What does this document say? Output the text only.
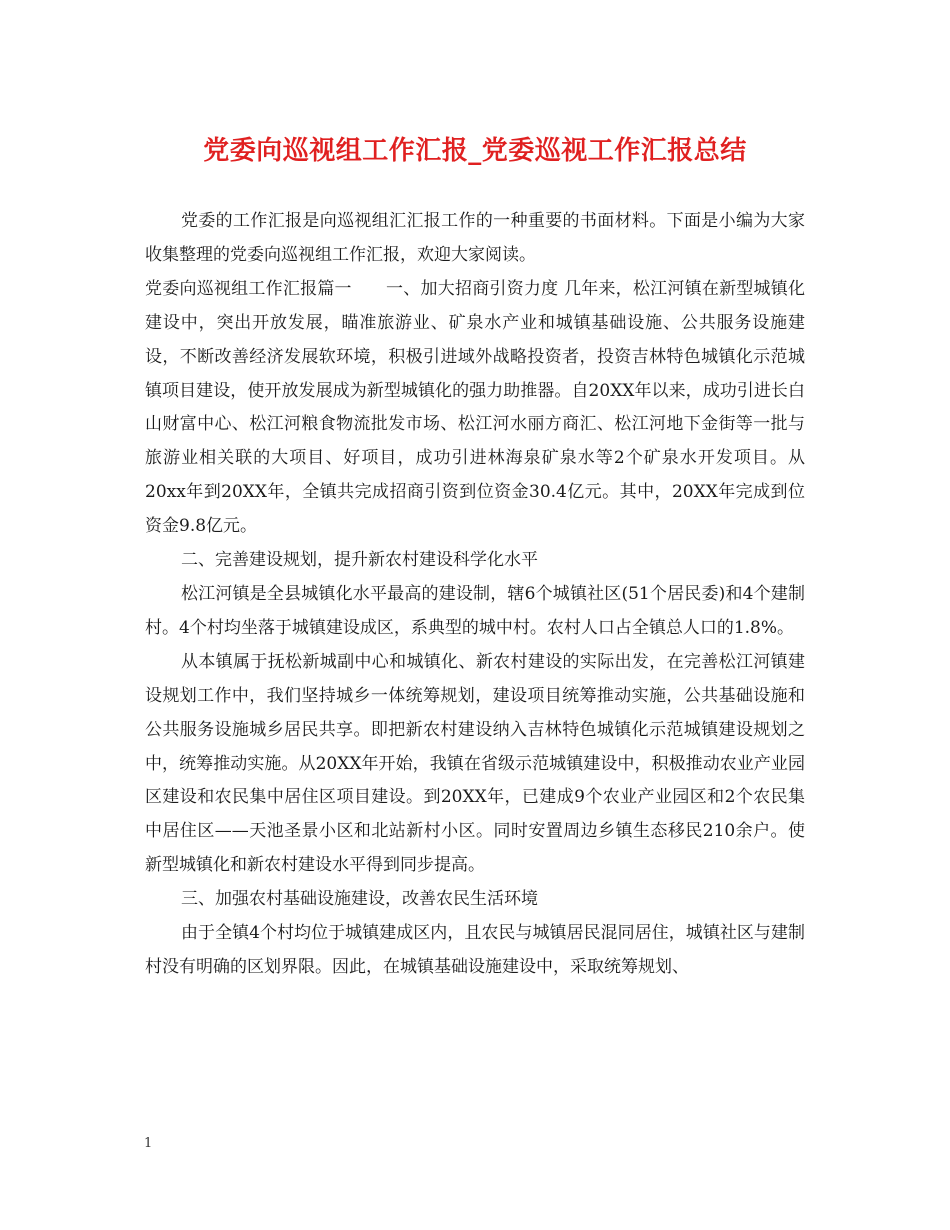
党委向巡视组工作汇报_党委巡视工作汇报总结

党委的工作汇报是向巡视组汇汇报工作的一种重要的书面材料。下面是小编为大家收集整理的党委向巡视组工作汇报，欢迎大家阅读。

党委向巡视组工作汇报篇一 一、加大招商引资力度 几年来，松江河镇在新型城镇化建设中，突出开放发展，瞄准旅游业、矿泉水产业和城镇基础设施、公共服务设施建设，不断改善经济发展软环境，积极引进域外战略投资者，投资吉林特色城镇化示范城镇项目建设，使开放发展成为新型城镇化的强力助推器。自20XX年以来，成功引进长白山财富中心、松江河粮食物流批发市场、松江河水丽方商汇、松江河地下金街等一批与旅游业相关联的大项目、好项目，成功引进林海泉矿泉水等2个矿泉水开发项目。从20xx年到20XX年，全镇共完成招商引资到位资金30.4亿元。其中，20XX年完成到位资金9.8亿元。

二、完善建设规划，提升新农村建设科学化水平

松江河镇是全县城镇化水平最高的建设制，辖6个城镇社区(51个居民委)和4个建制村。4个村均坐落于城镇建设成区，系典型的城中村。农村人口占全镇总人口的1.8%。

从本镇属于抚松新城副中心和城镇化、新农村建设的实际出发，在完善松江河镇建设规划工作中，我们坚持城乡一体统筹规划，建设项目统筹推动实施，公共基础设施和公共服务设施城乡居民共享。即把新农村建设纳入吉林特色城镇化示范城镇建设规划之中，统筹推动实施。从20XX年开始，我镇在省级示范城镇建设中，积极推动农业产业园区建设和农民集中居住区项目建设。到20XX年，已建成9个农业产业园区和2个农民集中居住区——天池圣景小区和北站新村小区。同时安置周边乡镇生态移民210余户。使新型城镇化和新农村建设水平得到同步提高。

三、加强农村基础设施建设，改善农民生活环境

由于全镇4个村均位于城镇建成区内，且农民与城镇居民混同居住，城镇社区与建制村没有明确的区划界限。因此，在城镇基础设施建设中，采取统筹规划、

1
